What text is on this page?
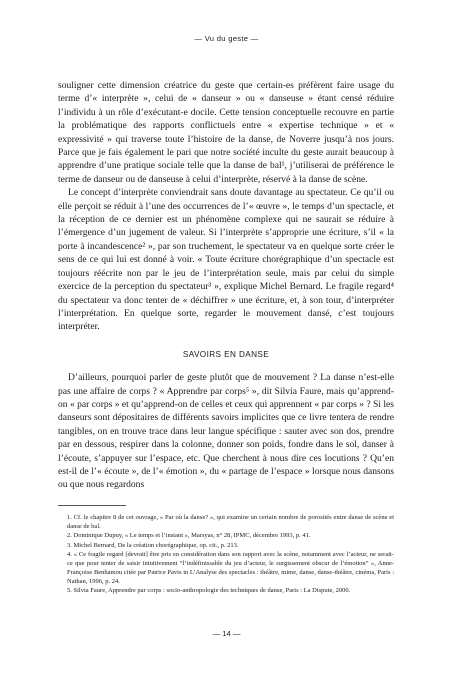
— Vu du geste —

souligner cette dimension créatrice du geste que certain-es préfèrent faire usage du terme d’« interprète », celui de « danseur » ou « danseuse » étant censé réduire l’individu à un rôle d’exécutant-e docile. Cette tension conceptuelle recouvre en partie la problématique des rapports conflictuels entre « expertise technique » et « expressivité » qui traverse toute l’histoire de la danse, de Noverre jusqu’à nos jours. Parce que je fais également le pari que notre société inculte du geste aurait beaucoup à apprendre d’une pratique sociale telle que la danse de bal¹, j’utiliserai de préférence le terme de danseur ou de danseuse à celui d’interprète, réservé à la danse de scène.

Le concept d’interprète conviendrait sans doute davantage au spectateur. Ce qu’il ou elle perçoit se réduit à l’une des occurrences de l’« œuvre », le temps d’un spectacle, et la réception de ce dernier est un phénomène complexe qui ne saurait se réduire à l’émergence d’un jugement de valeur. Si l’interprète s’approprie une écriture, s’il « la porte à incandescence² », par son truchement, le spectateur va en quelque sorte créer le sens de ce qui lui est donné à voir. « Toute écriture chorégraphique d’un spectacle est toujours réécrite non par le jeu de l’interprétation seule, mais par celui du simple exercice de la perception du spectateur³ », explique Michel Bernard. Le fragile regard⁴ du spectateur va donc tenter de « déchiffrer » une écriture, et, à son tour, d’interpréter l’interprétation. En quelque sorte, regarder le mouvement dansé, c’est toujours interpréter.

SAVOIRS EN DANSE

D’ailleurs, pourquoi parler de geste plutôt que de mouvement ? La danse n’est-elle pas une affaire de corps ? « Apprendre par corps⁵ », dit Silvia Faure, mais qu’apprend-on « par corps » et qu’apprend-on de celles et ceux qui apprennent « par corps » ? Si les danseurs sont dépositaires de différents savoirs implicites que ce livre tentera de rendre tangibles, on en trouve trace dans leur langue spécifique : sauter avec son dos, prendre par en dessous, respirer dans la colonne, donner son poids, fondre dans le sol, danser à l’écoute, s’appuyer sur l’espace, etc. Que cherchent à nous dire ces locutions ? Qu’en est-il de l’« écoute », de l’« émotion », du « partage de l’espace » lorsque nous dansons ou que nous regardons

1. Cf. le chapitre 8 de cet ouvrage, « Par où la danse? », qui examine un certain nombre de porosités entre danse de scène et danse de bal.

2. Dominique Dupuy, « Le temps et l’instant », Marsyas, n° 28, IPMC, décembre 1993, p. 41.

3. Michel Bernard, De la création chorégraphique, op. cit., p. 213.

4. « Ce fragile regard [devrait] être pris en considération dans son rapport avec la scène, notamment avec l’acteur, ne serait-ce que pour tenter de saisir intuitivement “l’indéfinissable du jeu d’acteur, le surgissement obscur de l’émotion” », Anne-Françoise Benhamou citée par Patrice Pavis in L’Analyse des spectacles : théâtre, mime, danse, danse-théâtre, cinéma, Paris : Nathan, 1996, p. 24.

5. Silvia Faure, Apprendre par corps : socio-anthropologie des techniques de danse, Paris : La Dispute, 2000.

— 14 —
